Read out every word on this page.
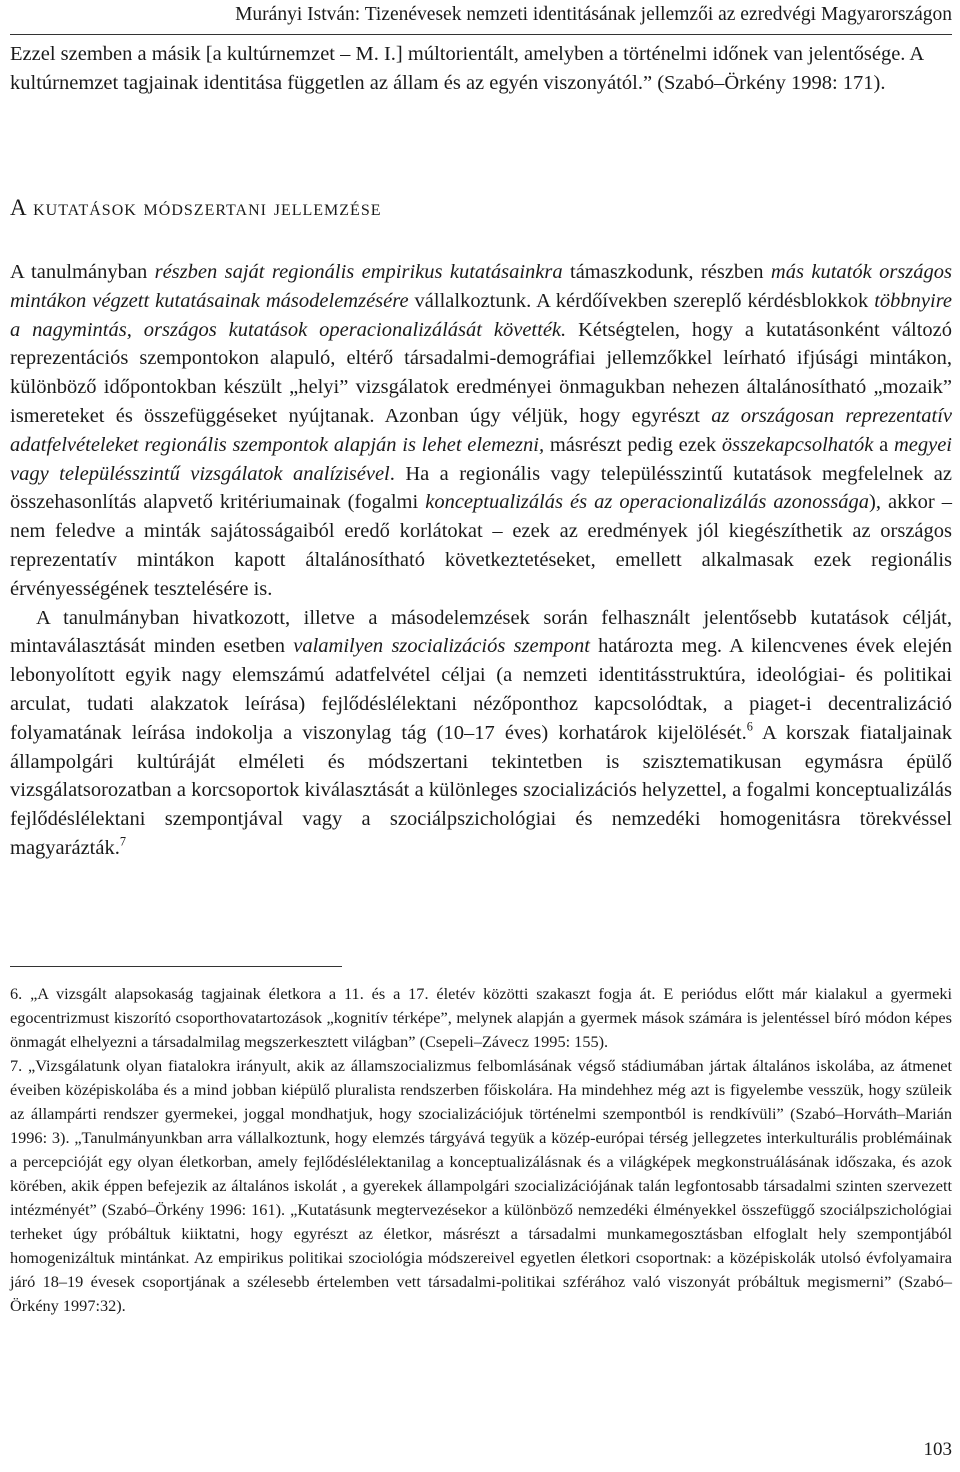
Murányi István: Tizenévesek nemzeti identitásának jellemzői az ezredvégi Magyarországon

Ezzel szemben a másik [a kultúrnemzet – M. I.] múltorientált, amelyben a történelmi időnek van jelentősége. A kultúrnemzet tagjainak identitása független az állam és az egyén viszonyától.” (Szabó–Örkény 1998: 171).

A kutatások módszertani jellemzése

A tanulmányban részben saját regionális empirikus kutatásainkra támaszkodunk, részben más kutatók országos mintákon végzett kutatásainak másodelemzésére vállalkoztunk. A kérdőívekben szereplő kérdésblokkok többnyire a nagymintás, országos kutatások operacionalizálását követték. Kétségtelen, hogy a kutatásonként változó reprezentációs szempontokon alapuló, eltérő társadalmi-demográfiai jellemzőkkel leírható ifjúsági mintákon, különböző időpontokban készült „helyi” vizsgálatok eredményei önmagukban nehezen általánosítható „mozaik” ismereteket és összefüggéseket nyújtanak. Azonban úgy véljük, hogy egyrészt az országosan reprezentatív adatfelvételeket regionális szempontok alapján is lehet elemezni, másrészt pedig ezek összekapcsolhatók a megyei vagy településszintű vizsgálatok analízisével. Ha a regionális vagy településszintű kutatások megfelelnek az összehasonlítás alapvető kritériumainak (fogalmi konceptualizálás és az operacionalizálás azonossága), akkor – nem feledve a minták sajátosságaiból eredő korlátokat – ezek az eredmények jól kiegészíthetik az országos reprezentatív mintákon kapott általánosítható következtetéseket, emellett alkalmasak ezek regionális érvényességének tesztelésére is.

A tanulmányban hivatkozott, illetve a másodelemzések során felhasznált jelentősebb kutatások célját, mintaválasztását minden esetben valamilyen szocializációs szempont határozta meg. A kilencvenes évek elején lebonyolított egyik nagy elemszámú adatfelvétel céljai (a nemzeti identitásstruktúra, ideológiai- és politikai arculat, tudati alakzatok leírása) fejlődéslélektani nézőponthoz kapcsolódtak, a piaget-i decentralizáció folyamatának leírása indokolja a viszonylag tág (10–17 éves) korhatárok kijelölését.$^6$ A korszak fiataljainak állampolgári kultúráját elméleti és módszertani tekintetben is szisztematikusan egymásra épülő vizsgálatsorozatban a korcsoportok kiválasztását a különleges szocializációs helyzettel, a fogalmi konceptualizálás fejlődéslélektani szempontjával vagy a szociálpszichológiai és nemzedéki homogenitásra törekvéssel magyarázták.$^7$

6. „A vizsgált alapsokaság tagjainak életkora a 11. és a 17. életév közötti szakaszt fogja át. E periódus előtt már kialakul a gyermeki egocentrizmust kiszorító csoporthovatartozások „kognitív térképe”, melynek alapján a gyermek mások számára is jelentéssel bíró módon képes önmagát elhelyezni a társadalmilag megszerkesztett világban” (Csepeli–Závecz 1995: 155).

7. „Vizsgálatunk olyan fiatalokra irányult, akik az államszocializmus felbomlásának végső stádiumában jártak általános iskolába, az átmenet éveiben középiskolába és a mind jobban kiépülő pluralista rendszerben főiskolára. Ha mindehhez még azt is figyelembe vesszük, hogy szüleik az állampárti rendszer gyermekei, joggal mondhatjuk, hogy szocializációjuk történelmi szempontból is rendkívüli” (Szabó–Horváth–Marián 1996: 3). „Tanulmányunkban arra vállalkoztunk, hogy elemzés tárgyává tegyük a közép-európai térség jellegzetes interkulturális problémáinak a percepcióját egy olyan életkorban, amely fejlődéslélektanilag a konceptualizálásnak és a világképek megkonstruálásának időszaka, és azok körében, akik éppen befejezik az általános iskolát , a gyerekek állampolgári szocializációjának talán legfontosabb társadalmi szinten szervezett intézményét” (Szabó–Örkény 1996: 161). „Kutatásunk megtervezésekor a különböző nemzedéki élményekkel összefüggő szociálpszichológiai terheket úgy próbáltuk kiiktatni, hogy egyrészt az életkor, másrészt a társadalmi munkamegosztásban elfoglalt hely szempontjából homogenizáltuk mintánkat. Az empirikus politikai szociológia módszereivel egyetlen életkori csoportnak: a középiskolák utolsó évfolyamaira járó 18–19 évesek csoportjának a szélesebb értelemben vett társadalmi-politikai szférához való viszonyát próbáltuk megismerni” (Szabó–Örkény 1997:32).

103
